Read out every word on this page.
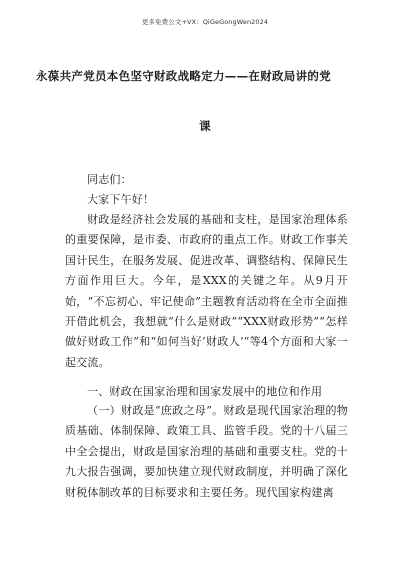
更多免费公文+VX：QiGeGongWen2024
永葆共产党员本色坚守财政战略定力——在财政局讲的党
课
同志们：
大家下午好！

财政是经济社会发展的基础和支柱，是国家治理体系的重要保障，是市委、市政府的重点工作。财政工作事关国计民生，在服务发展、促进改革、调整结构、保障民生方面作用巨大。今年，是XXX的关键之年。从9月开始，“不忘初心、牢记使命”主题教育活动将在全市全面推开借此机会，我想就“什么是财政”“XXX财政形势”“怎样做好财政工作”和“如何当好‘财政人’”等4个方面和大家一起交流。

一、财政在国家治理和国家发展中的地位和作用

（一）财政是“庶政之母”。财政是现代国家治理的物质基础、体制保障、政策工具、监管手段。党的十八届三中全会提出，财政是国家治理的基础和重要支柱。党的十九大报告强调，要加快建立现代财政制度，并明确了深化财税体制改革的目标要求和主要任务。现代国家构建离
